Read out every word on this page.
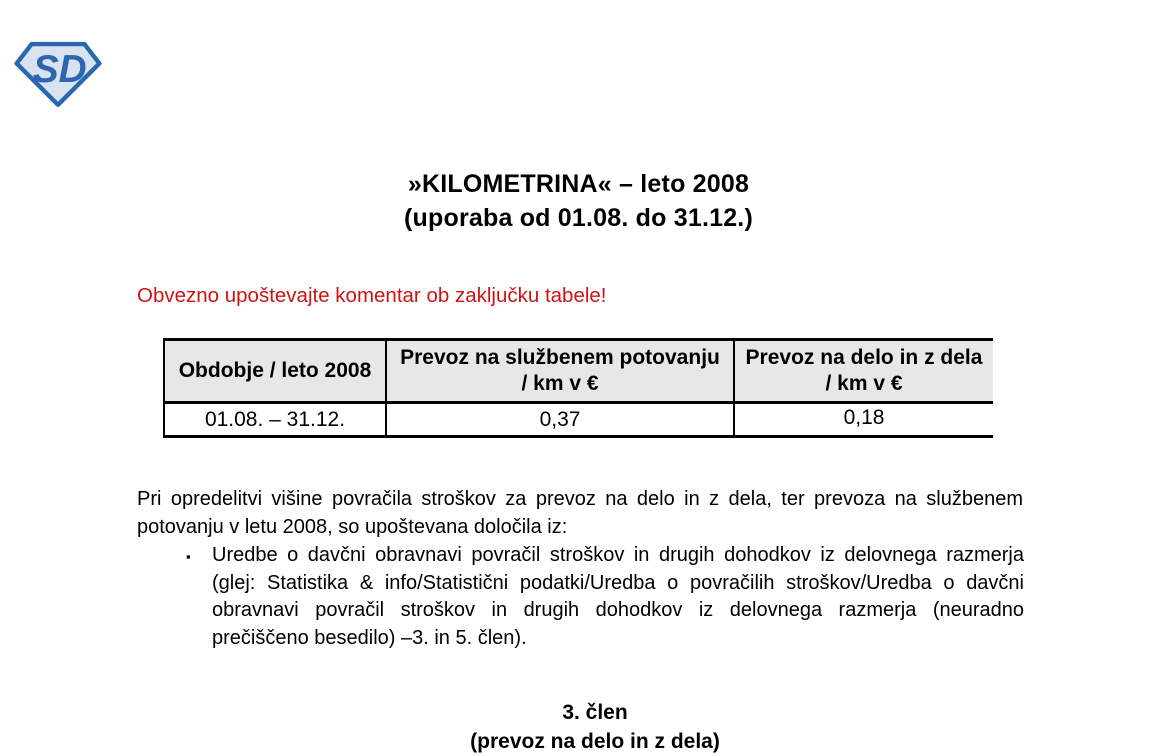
SD
»KILOMETRINA« – leto 2008
(uporaba od 01.08. do 31.12.)
Obvezno upoštevajte komentar ob zaključku tabele!
Obdobje / leto 2008	Prevoz na službenem potovanju / km v €	Prevoz na delo in z dela / km v €
01.08. – 31.12.	0,37	0,18
Pri opredelitvi višine povračila stroškov za prevoz na delo in z dela, ter prevoza na službenem potovanju v letu 2008, so upoštevana določila iz:
▪	Uredbe o davčni obravnavi povračil stroškov in drugih dohodkov iz delovnega razmerja (glej: Statistika & info/Statistični podatki/Uredba o povračilih stroškov/Uredba o davčni obravnavi povračil stroškov in drugih dohodkov iz delovnega razmerja (neuradno prečiščeno besedilo) –3. in 5. člen).
3. člen
(prevoz na delo in z dela)
